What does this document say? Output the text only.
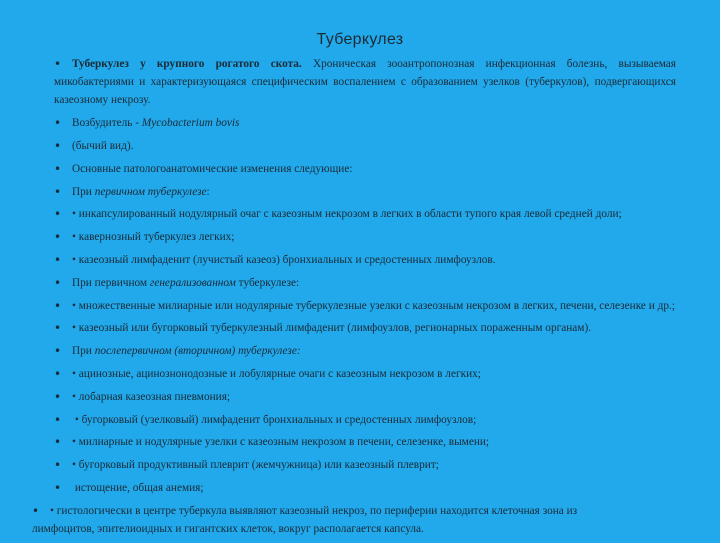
Туберкулез
• Туберкулез у крупного рогатого скота. Хроническая зооантропонозная инфекционная болезнь, вызываемая микобактериями и характеризующаяся специфическим воспалением с образованием узелков (туберкулов), подвергающихся казеозному некрозу.
• Возбудитель - Mycobacterium bovis
• (бычий вид).
• Основные патологоанатомические изменения следующие:
• При первичном туберкулезе:
• • инкапсулированный нодулярный очаг с казеозным некрозом в легких в области тупого края левой средней доли;
• • кавернозный туберкулез легких;
• • казеозный лимфаденит (лучистый казеоз) бронхиальных и средостенных лимфоузлов.
• При первичном генерализованном туберкулезе:
• • множественные милиарные или нодулярные туберкулезные узелки с казеозным некрозом в легких, печени, селезенке и др.;
• • казеозный или бугорковый туберкулезный лимфаденит (лимфоузлов, регионарных пораженным органам).
• При послепервичном (вторичном) туберкулезе:
• • ацинозные, ацинознонодозные и лобулярные очаги с казеозным некрозом в легких;
• • лобарная казеозная пневмония;
• • бугорковый (узелковый) лимфаденит бронхиальных и средостенных лимфоузлов;
• • милиарные и нодулярные узелки с казеозным некрозом в печени, селезенке, вымени;
• • бугорковый продуктивный плеврит (жемчужница) или казеозный плеврит;
• истощение, общая анемия;
• • гистологически в центре туберкула выявляют казеозный некроз, по периферии находится клеточная зона из лимфоцитов, эпителиоидных и гигантских клеток, вокруг располагается капсула.
